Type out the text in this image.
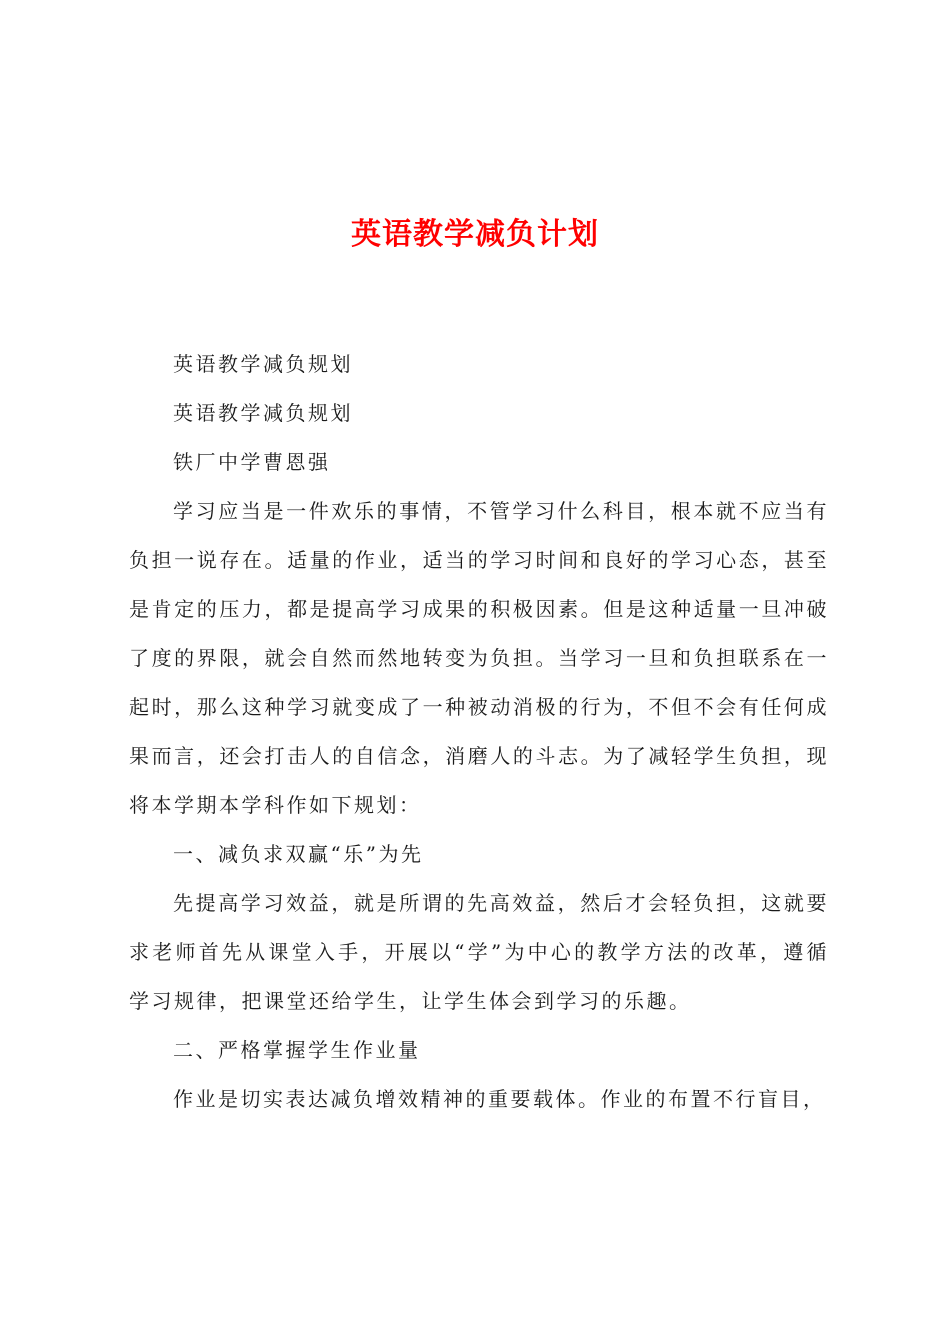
英语教学减负计划

英语教学减负规划

英语教学减负规划

铁厂中学曹恩强

学习应当是一件欢乐的事情，不管学习什么科目，根本就不应当有负担一说存在。适量的作业，适当的学习时间和良好的学习心态，甚至是肯定的压力，都是提高学习成果的积极因素。但是这种适量一旦冲破了度的界限，就会自然而然地转变为负担。当学习一旦和负担联系在一起时，那么这种学习就变成了一种被动消极的行为，不但不会有任何成果而言，还会打击人的自信念，消磨人的斗志。为了减轻学生负担，现将本学期本学科作如下规划：

一、减负求双赢“乐”为先

先提高学习效益，就是所谓的先高效益，然后才会轻负担，这就要求老师首先从课堂入手，开展以“学”为中心的教学方法的改革，遵循学习规律，把课堂还给学生，让学生体会到学习的乐趣。

二、严格掌握学生作业量

作业是切实表达减负增效精神的重要载体。作业的布置不行盲目，
